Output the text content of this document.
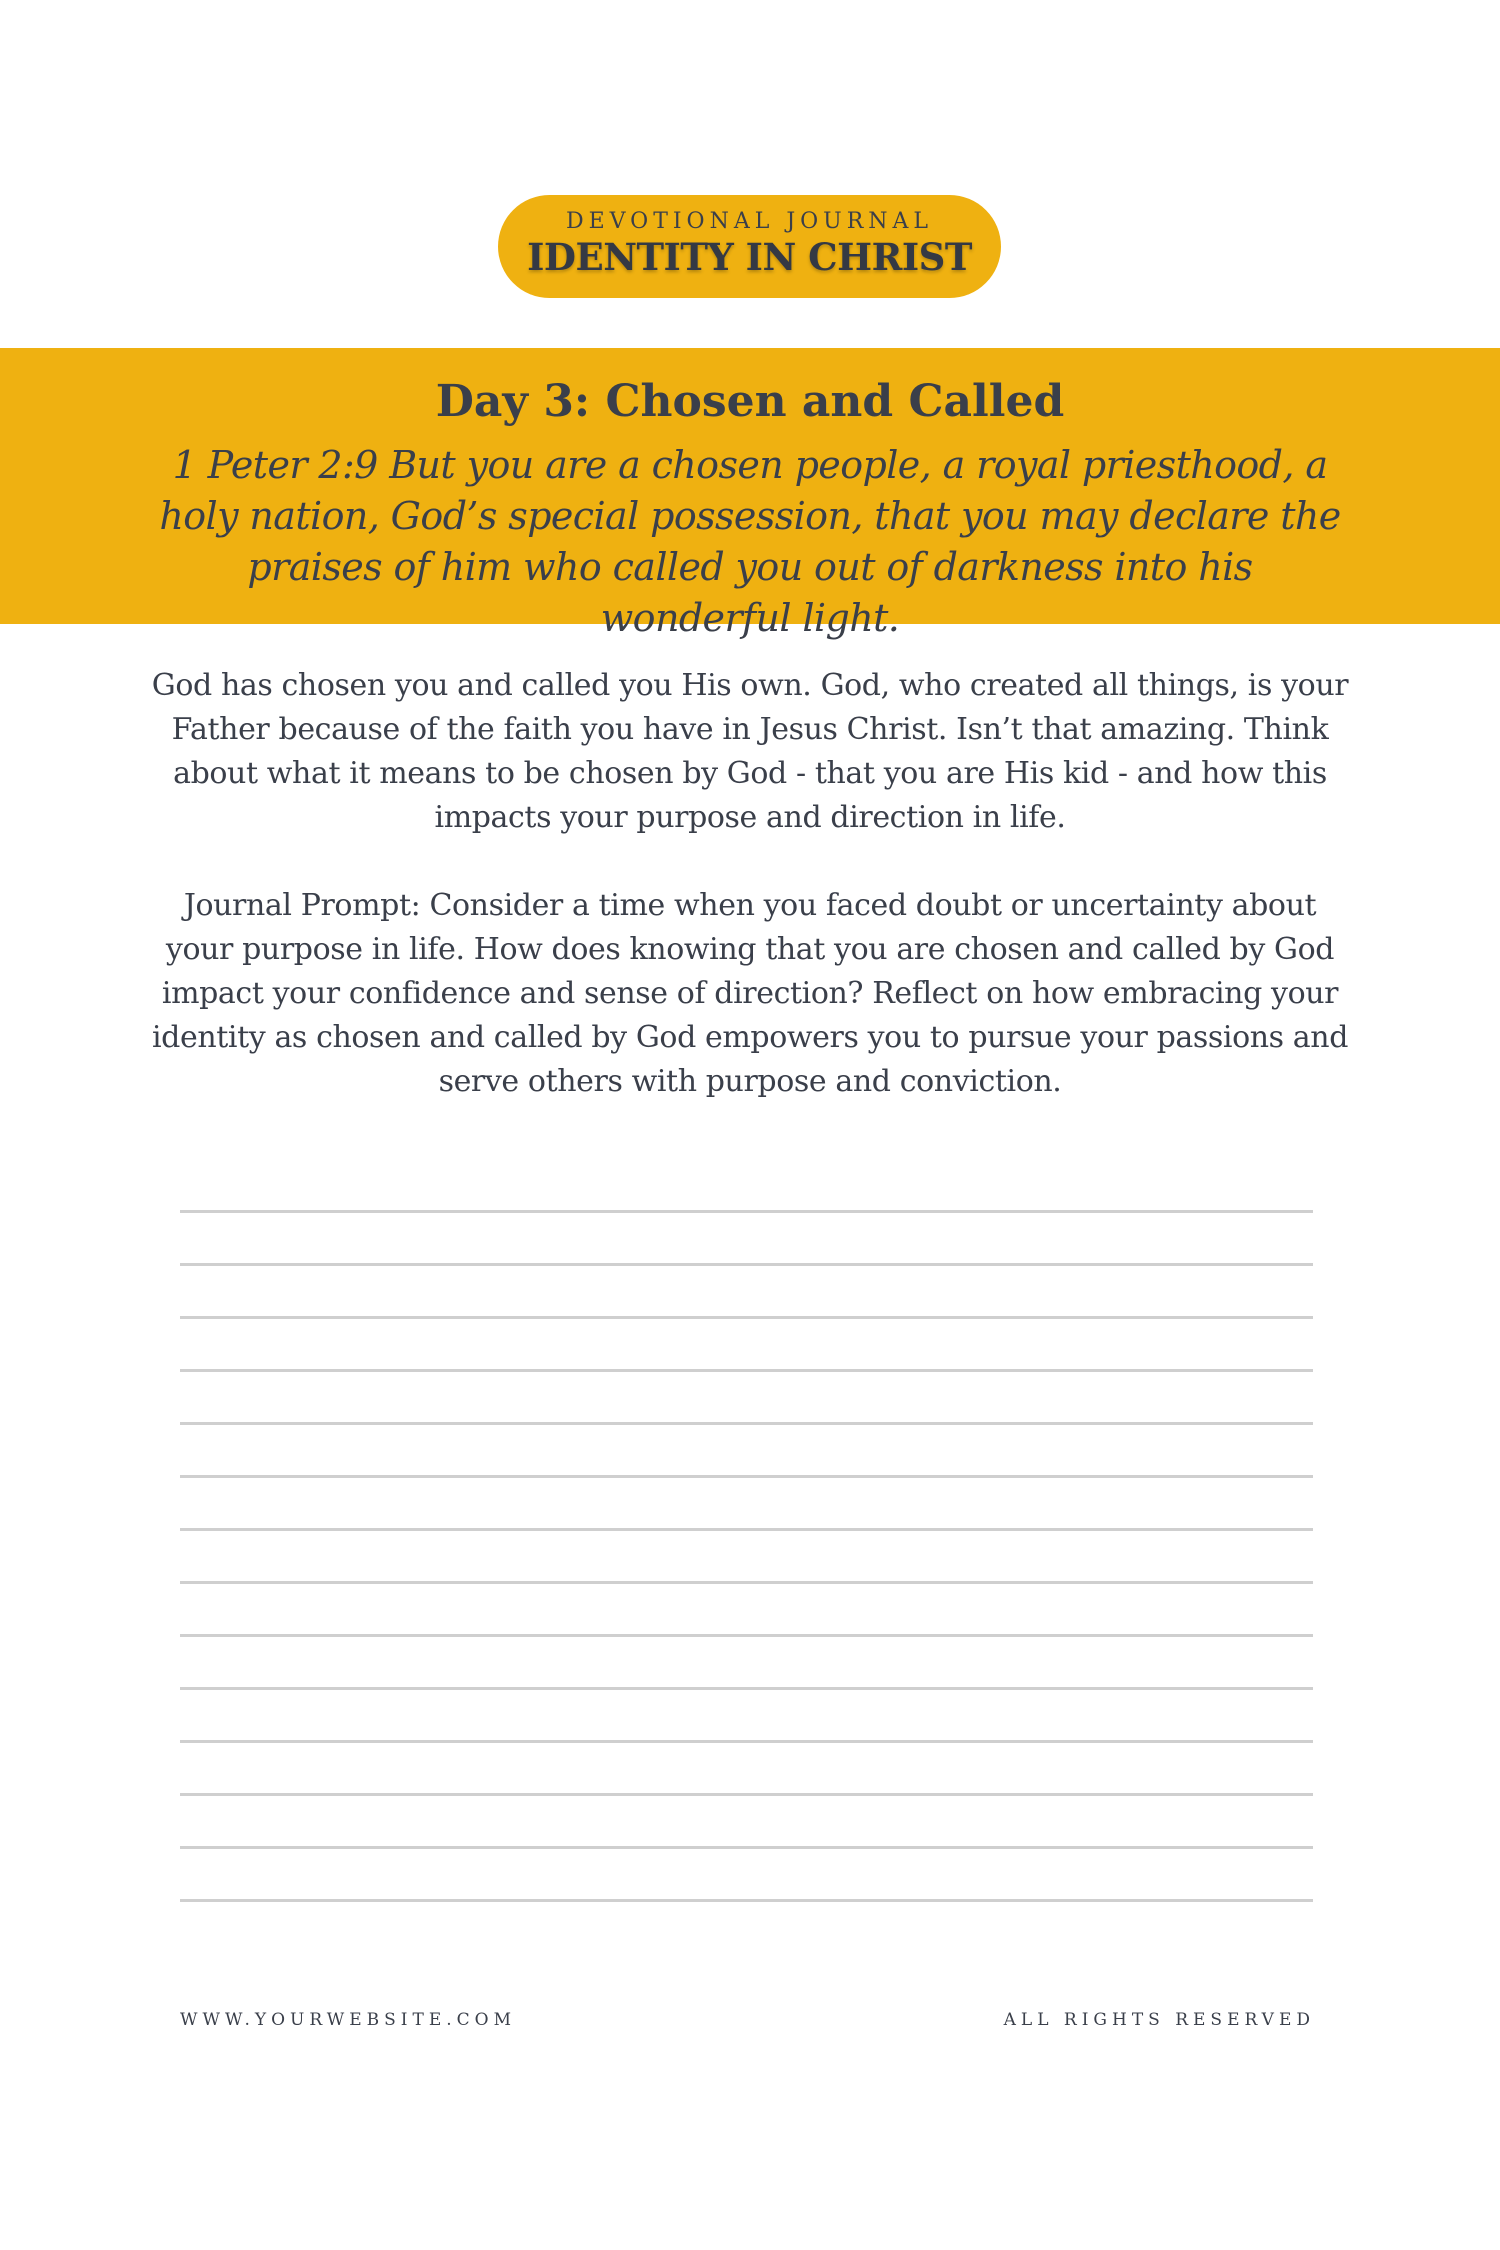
DEVOTIONAL JOURNAL
IDENTITY IN CHRIST
Day 3: Chosen and Called
1 Peter 2:9 But you are a chosen people, a royal priesthood, a holy nation, God’s special possession, that you may declare the praises of him who called you out of darkness into his wonderful light.
God has chosen you and called you His own. God, who created all things, is your Father because of the faith you have in Jesus Christ. Isn’t that amazing. Think about what it means to be chosen by God - that you are His kid - and how this impacts your purpose and direction in life.
Journal Prompt: Consider a time when you faced doubt or uncertainty about your purpose in life. How does knowing that you are chosen and called by God impact your confidence and sense of direction? Reflect on how embracing your identity as chosen and called by God empowers you to pursue your passions and serve others with purpose and conviction.
WWW.YOURWEBSITE.COM	ALL RIGHTS RESERVED
